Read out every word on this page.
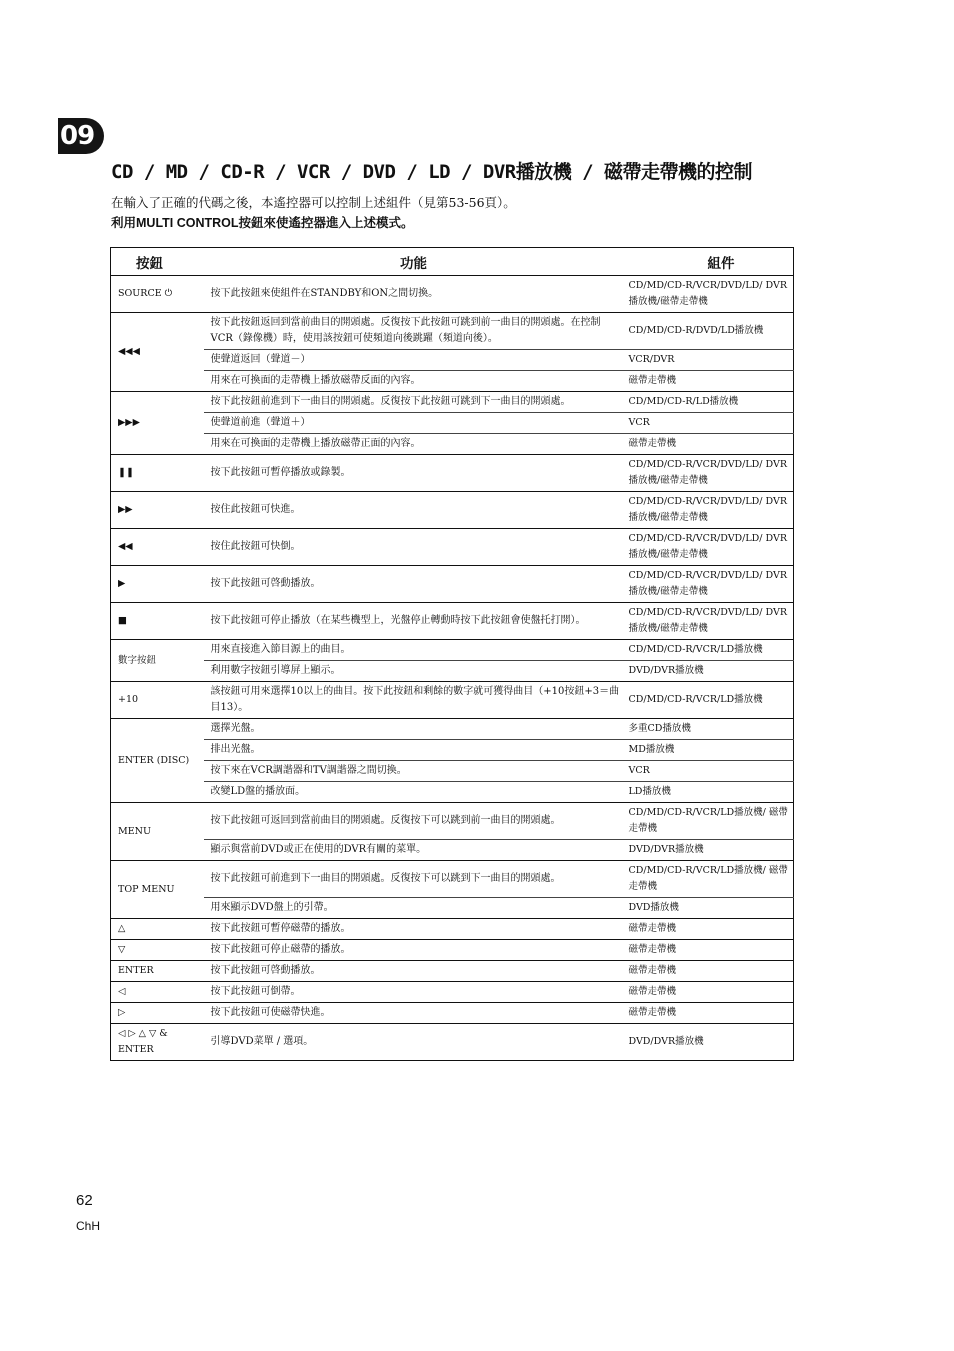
09
CD / MD / CD-R / VCR / DVD / LD / DVR播放機 / 磁帶走帶機的控制
在輸入了正確的代碼之後，本遙控器可以控制上述組件（見第53-56頁）。
利用MULTI CONTROL按鈕來使遙控器進入上述模式。
按鈕	功能	組件
SOURCE ⏻	按下此按鈕來使組件在STANDBY和ON之間切換。	CD/MD/CD-R/VCR/DVD/LD/ DVR播放機/磁帶走帶機
◀◀◀	按下此按鈕返回到當前曲目的開頭處。反復按下此按鈕可跳到前一曲目的開頭處。在控制VCR（錄像機）時，使用該按鈕可使頻道向後跳躍（頻道向後）。	CD/MD/CD-R/DVD/LD播放機
	使聲道返回（聲道－）	VCR/DVR
	用來在可換面的走帶機上播放磁帶反面的內容。	磁帶走帶機
▶▶▶	按下此按鈕前進到下一曲目的開頭處。反復按下此按鈕可跳到下一曲目的開頭處。	CD/MD/CD-R/LD播放機
	使聲道前進（聲道＋）	VCR
	用來在可換面的走帶機上播放磁帶正面的內容。	磁帶走帶機
❚❚	按下此按鈕可暫停播放或錄製。	CD/MD/CD-R/VCR/DVD/LD/ DVR播放機/磁帶走帶機
▶▶	按住此按鈕可快進。	CD/MD/CD-R/VCR/DVD/LD/ DVR播放機/磁帶走帶機
◀◀	按住此按鈕可快倒。	CD/MD/CD-R/VCR/DVD/LD/ DVR播放機/磁帶走帶機
▶	按下此按鈕可啓動播放。	CD/MD/CD-R/VCR/DVD/LD/ DVR播放機/磁帶走帶機
■	按下此按鈕可停止播放（在某些機型上，光盤停止轉動時按下此按鈕會使盤托打開）。	CD/MD/CD-R/VCR/DVD/LD/ DVR播放機/磁帶走帶機
數字按鈕	用來直接進入節目源上的曲目。	CD/MD/CD-R/VCR/LD播放機
	利用數字按鈕引導屏上顯示。	DVD/DVR播放機
+10	該按鈕可用來選擇10以上的曲目。按下此按鈕和剩餘的數字就可獲得曲目（+10按鈕+3＝曲目13）。	CD/MD/CD-R/VCR/LD播放機
ENTER (DISC)	選擇光盤。	多重CD播放機
	排出光盤。	MD播放機
	按下來在VCR調諧器和TV調諧器之間切換。	VCR
	改變LD盤的播放面。	LD播放機
MENU	按下此按鈕可返回到當前曲目的開頭處。反復按下可以跳到前一曲目的開頭處。	CD/MD/CD-R/VCR/LD播放機/ 磁帶走帶機
	顯示與當前DVD或正在使用的DVR有關的菜單。	DVD/DVR播放機
TOP MENU	按下此按鈕可前進到下一曲目的開頭處。反復按下可以跳到下一曲目的開頭處。	CD/MD/CD-R/VCR/LD播放機/ 磁帶走帶機
	用來顯示DVD盤上的引帶。	DVD播放機
△	按下此按鈕可暫停磁帶的播放。	磁帶走帶機
▽	按下此按鈕可停止磁帶的播放。	磁帶走帶機
ENTER	按下此按鈕可啓動播放。	磁帶走帶機
◁	按下此按鈕可倒帶。	磁帶走帶機
▷	按下此按鈕可使磁帶快進。	磁帶走帶機
◁ ▷ △ ▽ & ENTER	引導DVD菜單 / 選項。	DVD/DVR播放機
62
ChH
